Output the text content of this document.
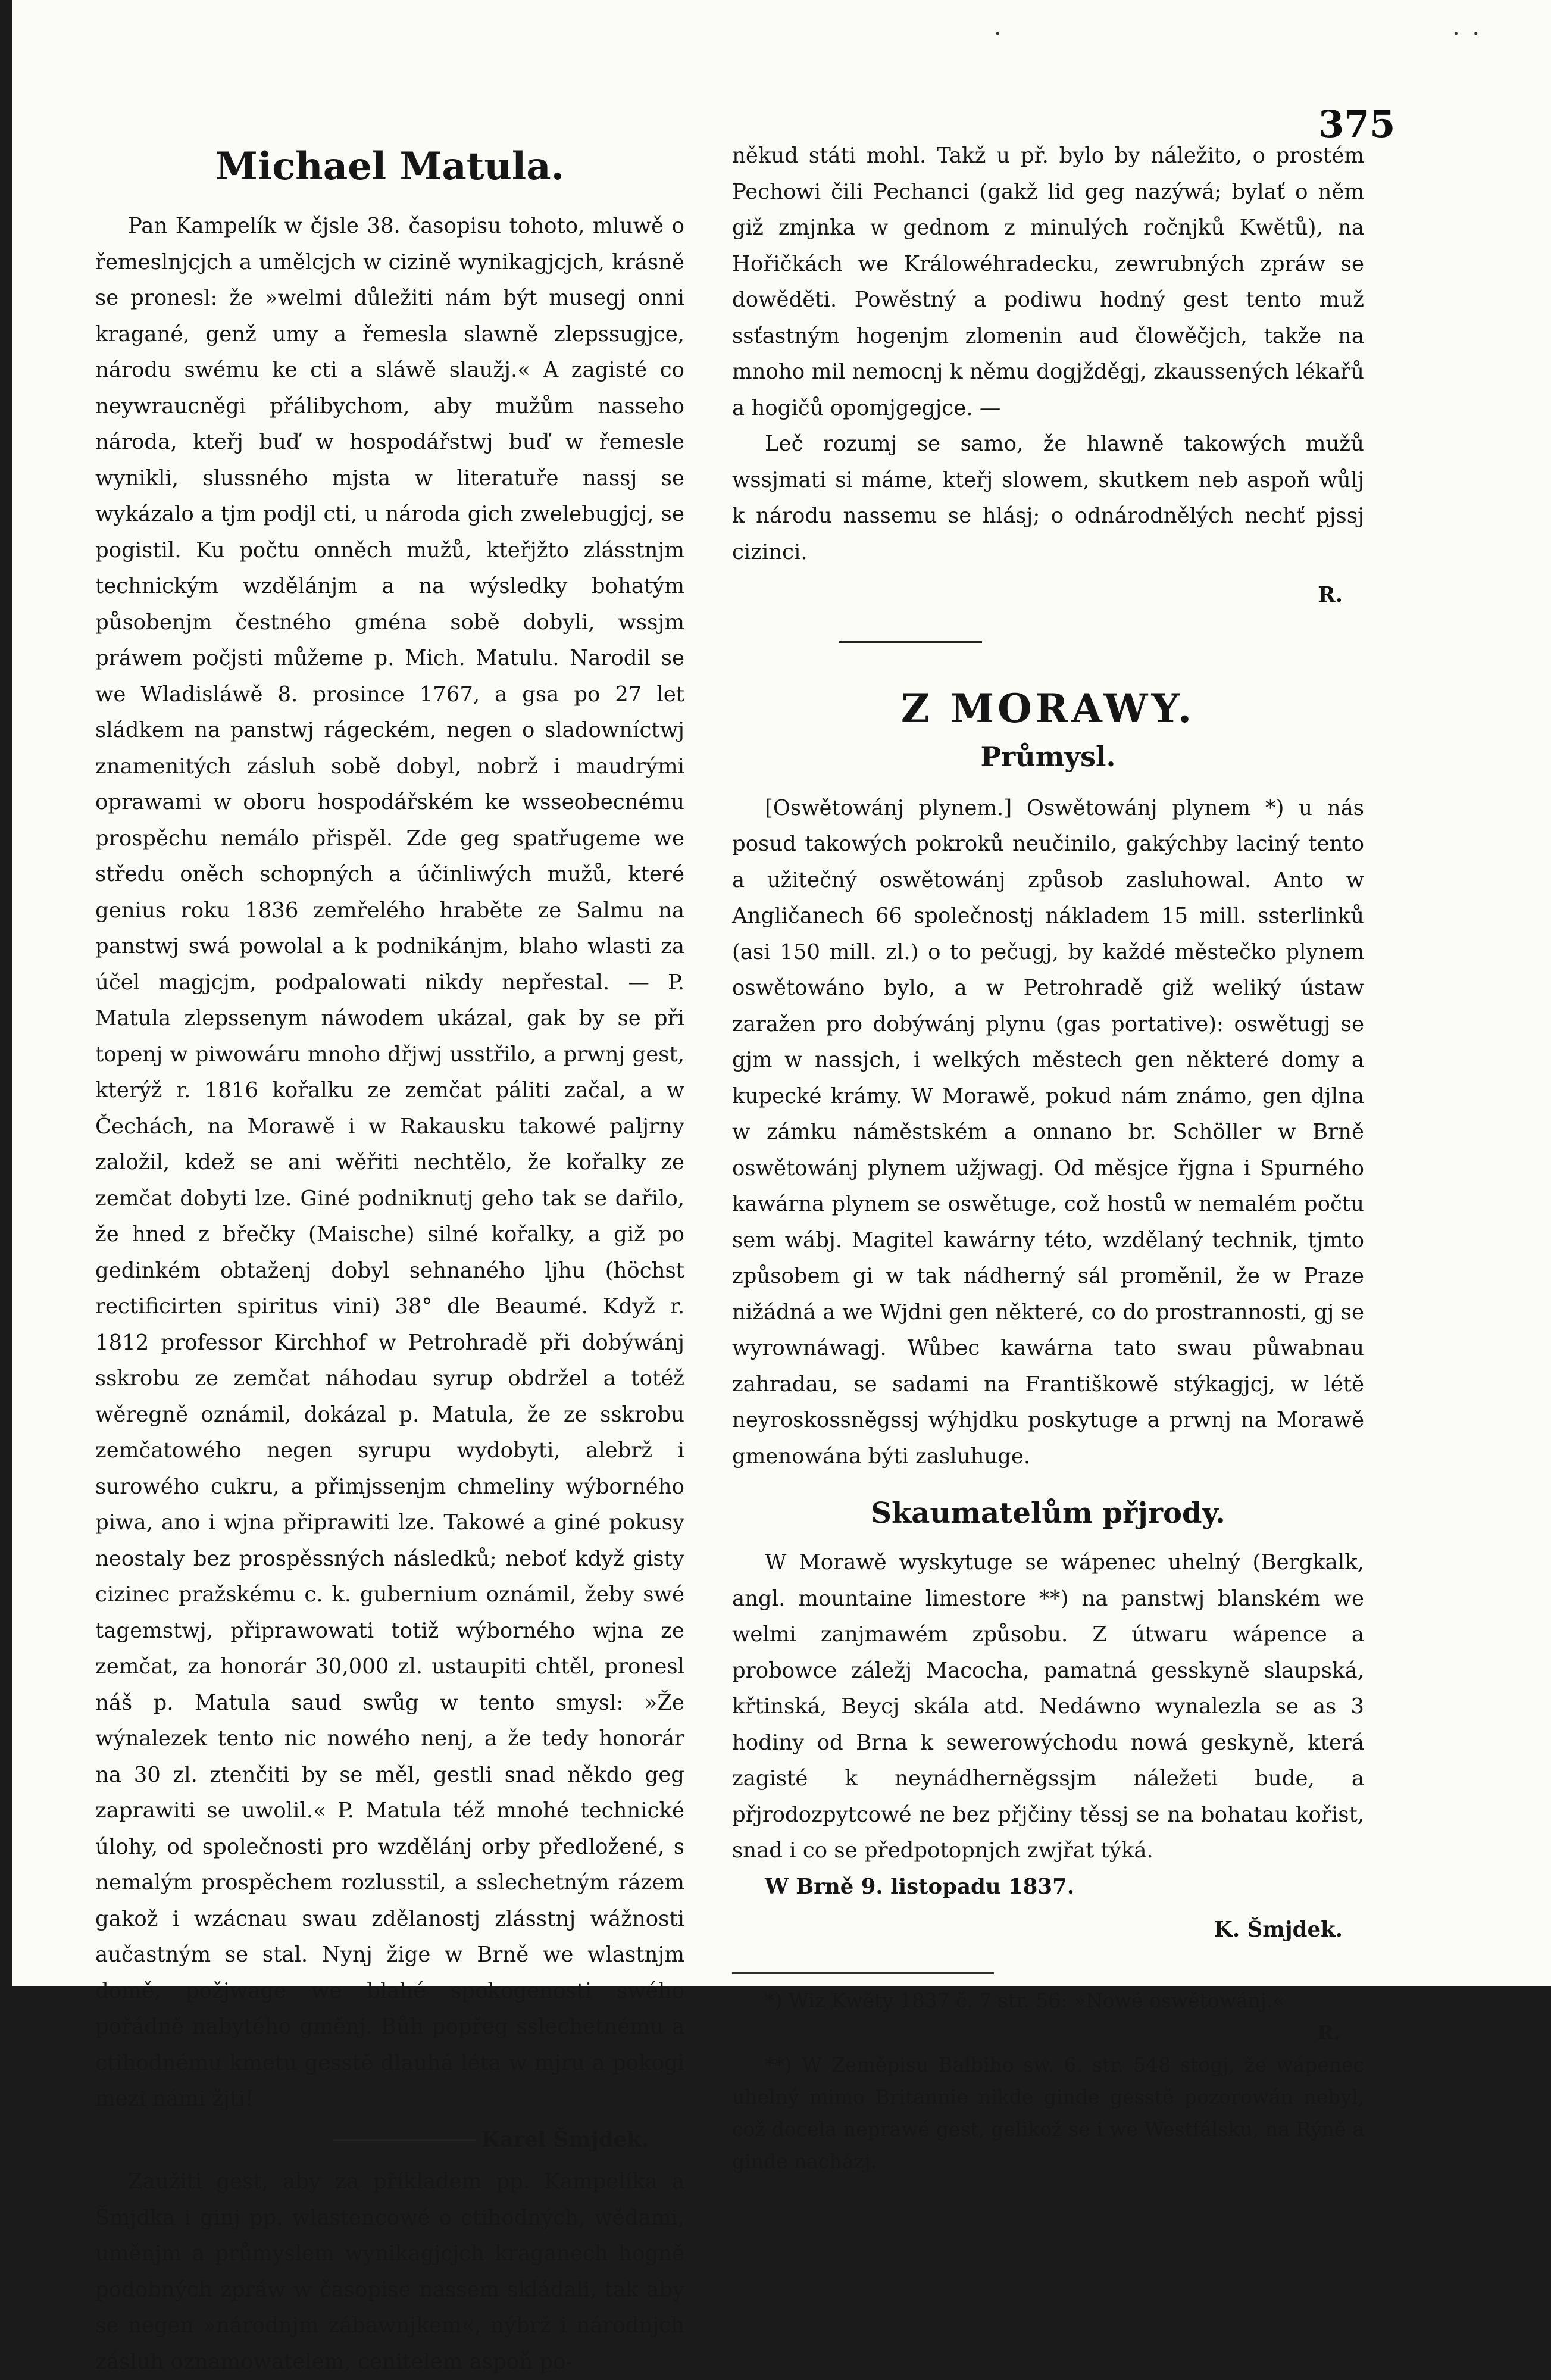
.	. .
375
Michael Matula.

Pan Kampelík w čjsle 38. časopisu tohoto, mluwě o řemeslnjcjch a umělcjch w cizině wynikagjcjch, krásně se pronesl: že »welmi důležiti nám být musegj onni kragané, genž umy a řemesla slawně zlepssugjce, národu swému ke cti a sláwě slaužj.« A zagisté co neywraucněgi přálibychom, aby mužům nasseho národa, kteřj buď w hospodářstwj buď w řemesle wynikli, slussného mjsta w literatuře nassj se wykázalo a tjm podjl cti, u národa gich zwelebugjcj, se pogistil. Ku počtu onněch mužů, kteřjžto zlásstnjm technickým wzdělánjm a na wýsledky bohatým působenjm čestného gména sobě dobyli, wssjm práwem počjsti můžeme p. Mich. Matulu. Narodil se we Wladisláwě 8. prosince 1767, a gsa po 27 let sládkem na panstwj rágeckém, negen o sladowníctwj znamenitých zásluh sobě dobyl, nobrž i maudrými oprawami w oboru hospodářském ke wsseobecnému prospěchu nemálo přispěl. Zde geg spatřugeme we středu oněch schopných a účinliwých mužů, které genius roku 1836 zemřelého hraběte ze Salmu na panstwj swá powolal a k podnikánjm, blaho wlasti za účel magjcjm, podpalowati nikdy nepřestal. — P. Matula zlepssenym náwodem ukázal, gak by se při topenj w piwowáru mnoho dřjwj usstřilo, a prwnj gest, kterýž r. 1816 kořalku ze zemčat páliti začal, a w Čechách, na Morawě i w Rakausku takowé paljrny založil, kdež se ani wěřiti nechtělo, že kořalky ze zemčat dobyti lze. Giné podniknutj geho tak se dařilo, že hned z břečky (Maische) silné kořalky, a giž po gedinkém obtaženj dobyl sehnaného ljhu (höchst rectificirten spiritus vini) 38° dle Beaumé. Když r. 1812 professor Kirchhof w Petrohradě při dobýwánj sskrobu ze zemčat náhodau syrup obdržel a totéž wěregně oznámil, dokázal p. Matula, že ze sskrobu zemčatowého negen syrupu wydobyti, alebrž i surowého cukru, a přimjssenjm chmeliny wýborného piwa, ano i wjna připrawiti lze. Takowé a giné pokusy neostaly bez prospěssných následků; neboť když gisty cizinec pražskému c. k. gubernium oznámil, žeby swé tagemstwj, připrawowati totiž wýborného wjna ze zemčat, za honorár 30,000 zl. ustaupiti chtěl, pronesl náš p. Matula saud swůg w tento smysl: »Že wýnalezek tento nic nowého nenj, a že tedy honorár na 30 zl. ztenčiti by se měl, gestli snad někdo geg zaprawiti se uwolil.« P. Matula též mnohé technické úlohy, od společnosti pro wzdělánj orby předložené, s nemalým prospěchem rozlusstil, a sslechetným rázem gakož i wzácnau swau zdělanostj zlásstnj wážnosti aučastným se stal. Nynj žige w Brně we wlastnjm domě, požjwage we blahé spokogenosti swého pořádně nabytého gměnj. Bůh popřeg sslechetnému a ctihodnému kmetu gesstě dlauhá léta w mjru a pokogi mezi námi žjti!

Karel Šmjdek.

Zaužiti gest, aby za příkladem pp. Kampelíka a Šmjdka i ginj pp. wlastencowé o ctihodných, wědami, uměnjm a průmyslem wynikagjcjch kraganech hogně podobných zpráw w časopise nassem skládali, tak aby se negen »národnjm zábawnjkem«, nýbrž i národnjch zásluh oznamowatelem, cenitelem aspoň po-

někud státi mohl. Takž u př. bylo by náležito, o prostém Pechowi čili Pechanci (gakž lid geg nazýwá; bylať o něm giž zmjnka w gednom z minulých ročnjků Kwětů), na Hořičkách we Králowéhradecku, zewrubných zpráw se dowěděti. Powěstný a podiwu hodný gest tento muž ssťastným hogenjm zlomenin aud člowěčjch, takže na mnoho mil nemocnj k němu dogjžděgj, zkaussených lékařů a hogičů opomjgegjce. —

Leč rozumj se samo, že hlawně takowých mužů wssjmati si máme, kteřj slowem, skutkem neb aspoň wůlj k národu nassemu se hlásj; o odnárodnělých nechť pjssj cizinci.

R.
Z MORAWY.
Průmysl.

[Oswětowánj plynem.] Oswětowánj plynem *) u nás posud takowých pokroků neučinilo, gakýchby laciný tento a užitečný oswětowánj způsob zasluhowal. Anto w Angličanech 66 společnostj nákladem 15 mill. ssterlinků (asi 150 mill. zl.) o to pečugj, by každé městečko plynem oswětowáno bylo, a w Petrohradě giž weliký ústaw zaražen pro dobýwánj plynu (gas portative): oswětugj se gjm w nassjch, i welkých městech gen některé domy a kupecké krámy. W Morawě, pokud nám známo, gen djlna w zámku náměstském a onnano br. Schöller w Brně oswětowánj plynem užjwagj. Od měsjce řjgna i Spurného kawárna plynem se oswětuge, což hostů w nemalém počtu sem wábj. Magitel kawárny této, wzdělaný technik, tjmto způsobem gi w tak nádherný sál proměnil, že w Praze nižádná a we Wjdni gen některé, co do prostrannosti, gj se wyrownáwagj. Wůbec kawárna tato swau půwabnau zahradau, se sadami na Františkowě stýkagjcj, w létě neyroskossněgssj wýhjdku poskytuge a prwnj na Morawě gmenowána býti zasluhuge.

Skaumatelům přjrody.

W Morawě wyskytuge se wápenec uhelný (Bergkalk, angl. mountaine limestore **) na panstwj blanském we welmi zanjmawém způsobu. Z útwaru wápence a probowce záležj Macocha, pamatná gesskyně slaupská, křtinská, Beycj skála atd. Nedáwno wynalezla se as 3 hodiny od Brna k sewerowýchodu nowá geskyně, která zagisté k neynádherněgssjm náležeti bude, a přjrodozpytcowé ne bez přjčiny těssj se na bohatau kořist, snad i co se předpotopnjch zwjřat týká.

W Brně 9. listopadu 1837.

K. Šmjdek.

*) Wiz Kwěty 1837 č. 7 str. 56: »Nowé oswětowánj.«

R.

**) W Zeměpisu Balbiho sw. 6. str. 548 stogj, že wápenec uhelný mimo Britannie nikde ginde gesstě pozorowán nebyl, což docela neprawé gest, gelikož se i we Westfálsku, na Rýně a ginde nacházj.
